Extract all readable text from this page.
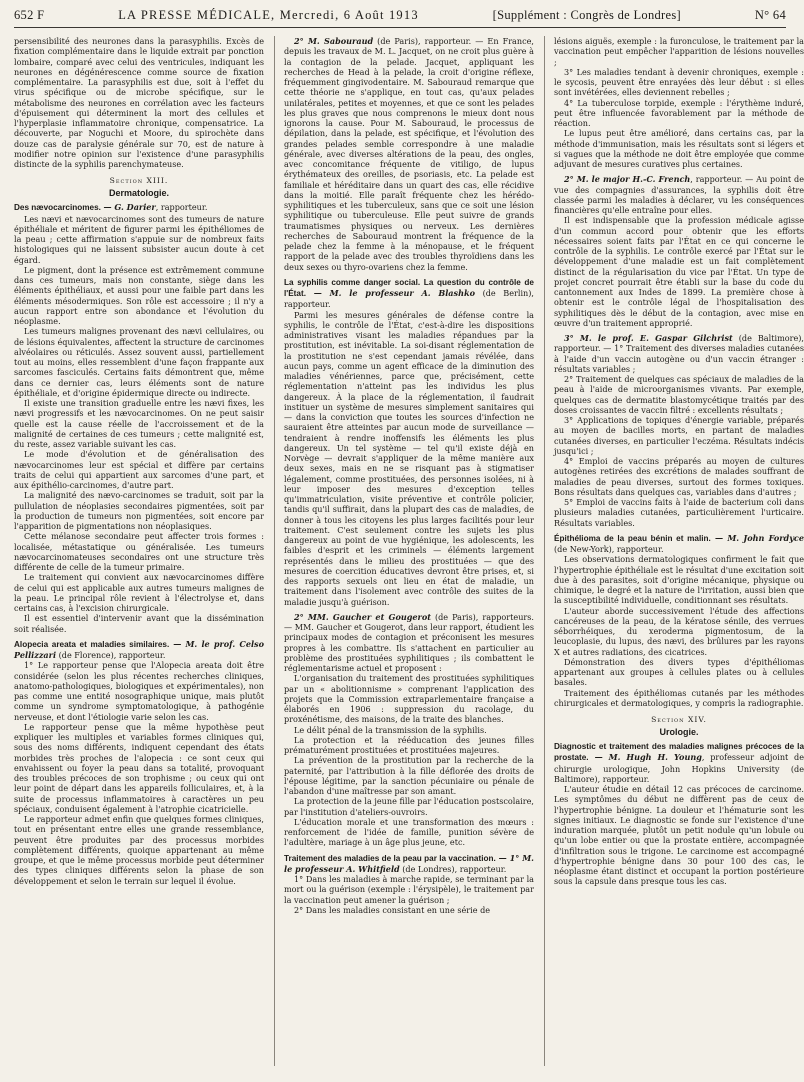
652 F	LA PRESSE MÉDICALE, Mercredi, 6 Août 1913	[Supplément : Congrès de Londres]	N° 64

persensibilité des neurones dans la parasyphilis. Excès de fixation complémentaire dans le liquide extrait par ponction lombaire, comparé avec celui des ventricules, indiquant les neurones en dégénérescence comme source de fixation complémentaire. La parasyphilis est due, soit à l'effet du virus spécifique ou de microbe spécifique, sur le métabolisme des neurones en corrélation avec les facteurs d'épuisement qui déterminent la mort des cellules et l'hyperplasie inflammatoire chronique, compensatrice. La découverte, par Noguchi et Moore, du spirochète dans douze cas de paralysie générale sur 70, est de nature à modifier notre opinion sur l'existence d'une parasyphilis distincte de la syphilis parenchymateuse.

Section XIII.
Dermatologie.

Des nævocarcinomes. — G. Darier, rapporteur.

Les nævi et nævocarcinomes sont des tumeurs de nature épithéliale et méritent de figurer parmi les épithéliomes de la peau ; cette affirmation s'appuie sur de nombreux faits histologiques qui ne laissent subsister aucun doute à cet égard.

Le pigment, dont la présence est extrêmement commune dans ces tumeurs, mais non constante, siège dans les éléments épithéliaux, et aussi pour une faible part dans les éléments mésodermiques. Son rôle est accessoire ; il n'y a aucun rapport entre son abondance et l'évolution du néoplasme.

Les tumeurs malignes provenant des nævi cellulaires, ou de lésions équivalentes, affectent la structure de carcinomes alvéolaires ou réticulés. Assez souvent aussi, partiellement tout au moins, elles ressemblent d'une façon frappante aux sarcomes fasciculés. Certains faits démontrent que, même dans ce dernier cas, leurs éléments sont de nature épithéliale, et d'origine épidermique directe ou indirecte.

Il existe une transition graduelle entre les nævi fixes, les nævi progressifs et les nævocarcinomes. On ne peut saisir quelle est la cause réelle de l'accroissement et de la malignité de certaines de ces tumeurs ; cette malignité est, du reste, assez variable suivant les cas.

Le mode d'évolution et de généralisation des nævocarcinomes leur est spécial et diffère par certains traits de celui qui appartient aux sarcomes d'une part, et aux épithélio-carcinomes, d'autre part.

La malignité des nævo-carcinomes se traduit, soit par la pullulation de néoplasies secondaires pigmentées, soit par la production de tumeurs non pigmentées, soit encore par l'apparition de pigmentations non néoplasiques.

Cette mélanose secondaire peut affecter trois formes : localisée, métastatique ou généralisée. Les tumeurs nævocarcinomateuses secondaires ont une structure très différente de celle de la tumeur primaire.

Le traitement qui convient aux nævocarcinomes diffère de celui qui est applicable aux autres tumeurs malignes de la peau. Le principal rôle revient à l'électrolyse et, dans certains cas, à l'excision chirurgicale.

Il est essentiel d'intervenir avant que la dissémination soit réalisée.

Alopecia areata et maladies similaires. — M. le prof. Celso Pellizzari (de Florence), rapporteur.

1° Le rapporteur pense que l'Alopecia areata doit être considérée (selon les plus récentes recherches cliniques, anatomo-pathologiques, biologiques et expérimentales), non pas comme une entité nosographique unique, mais plutôt comme un syndrome symptomatologique, à pathogénie nerveuse, et dont l'étiologie varie selon les cas.

Le rapporteur pense que la même hypothèse peut expliquer les multiples et variables formes cliniques qui, sous des noms différents, indiquent cependant des états morbides très proches de l'alopecia : ce sont ceux qui envahissent ou foyer la peau dans sa totalité, provoquant des troubles précoces de son trophisme ; ou ceux qui ont leur point de départ dans les appareils folliculaires, et, à la suite de processus inflammatoires à caractères un peu spéciaux, conduisent également à l'atrophie cicatricielle.

Le rapporteur admet enfin que quelques formes cliniques, tout en présentant entre elles une grande ressemblance, peuvent être produites par des processus morbides complètement différents, quoique appartenant au même groupe, et que le même processus morbide peut déterminer des types cliniques différents selon la phase de son développement et selon le terrain sur lequel il évolue.

2° M. Sabouraud (de Paris), rapporteur. — En France, depuis les travaux de M. L. Jacquet, on ne croit plus guère à la contagion de la pelade. Jacquet, appliquant les recherches de Head à la pelade, la croit d'origine réflexe, fréquemment gingivodentaire. M. Sabouraud remarque que cette théorie ne s'applique, en tout cas, qu'aux pelades unilatérales, petites et moyennes, et que ce sont les pelades les plus graves que nous comprenons le mieux dont nous ignorons la cause. Pour M. Sabouraud, le processus de dépilation, dans la pelade, est spécifique, et l'évolution des grandes pelades semble correspondre à une maladie générale, avec diverses altérations de la peau, des ongles, avec concomitance fréquente de vitiligo, de lupus érythémateux des oreilles, de psoriasis, etc. La pelade est familiale et héréditaire dans un quart des cas, elle récidive dans la moitié. Elle paraît fréquente chez les hérédo-syphilitiques et les tuberculeux, sans que ce soit une lésion syphilitique ou tuberculeuse. Elle peut suivre de grands traumatismes physiques ou nerveux. Les dernières recherches de Sabouraud montrent la fréquence de la pelade chez la femme à la ménopause, et le fréquent rapport de la pelade avec des troubles thyroïdiens dans les deux sexes ou thyro-ovariens chez la femme.

La syphilis comme danger social. La question du contrôle de l'État. — M. le professeur A. Blashko (de Berlin), rapporteur.

Parmi les mesures générales de défense contre la syphilis, le contrôle de l'État, c'est-à-dire les dispositions administratives visant les maladies répandues par la prostitution, est inévitable. La soi-disant réglementation de la prostitution ne s'est cependant jamais révélée, dans aucun pays, comme un agent efficace de la diminution des maladies vénériennes, parce que, précisément, cette réglementation n'atteint pas les individus les plus dangereux. À la place de la réglementation, il faudrait instituer un système de mesures simplement sanitaires qui — dans la conviction que toutes les sources d'infection ne sauraient être atteintes par aucun mode de surveillance — tendraient à rendre inoffensifs les éléments les plus dangereux. Un tel système — tel qu'il existe déjà en Norvège — devrait s'appliquer de la même manière aux deux sexes, mais en ne se risquant pas à stigmatiser légalement, comme prostituées, des personnes isolées, ni à leur imposer des mesures d'exception telles qu'immatriculation, visite préventive et contrôle policier, tandis qu'il suffirait, dans la plupart des cas de maladies, de donner à tous les citoyens les plus larges facilités pour leur traitement. C'est seulement contre les sujets les plus dangereux au point de vue hygiénique, les adolescents, les faibles d'esprit et les criminels — éléments largement représentés dans le milieu des prostituées — que des mesures de coercition éducatives devront être prises, et, si des rapports sexuels ont lieu en état de maladie, un traitement dans l'isolement avec contrôle des suites de la maladie jusqu'à guérison.

2° MM. Gaucher et Gougerot (de Paris), rapporteurs. — MM. Gaucher et Gougerot, dans leur rapport, étudient les principaux modes de contagion et préconisent les mesures propres à les combattre. Ils s'attachent en particulier au problème des prostituées syphilitiques ; ils combattent le réglementarisme actuel et proposent :

L'organisation du traitement des prostituées syphilitiques par un « abolitionnisme » comprenant l'application des projets que la Commission extraparlementaire française a élaborés en 1906 : suppression du racolage, du proxénétisme, des maisons, de la traite des blanches.

Le délit pénal de la transmission de la syphilis.

La protection et la rééducation des jeunes filles prématurément prostituées et prostituées majeures.

La prévention de la prostitution par la recherche de la paternité, par l'attribution à la fille déflorée des droits de l'épouse légitime, par la sanction pécuniaire ou pénale de l'abandon d'une maîtresse par son amant.

La protection de la jeune fille par l'éducation postscolaire, par l'institution d'ateliers-ouvroirs.

L'éducation morale et une transformation des mœurs : renforcement de l'idée de famille, punition sévère de l'adultère, mariage à un âge plus jeune, etc.

Traitement des maladies de la peau par la vaccination. — 1° M. le professeur A. Whitfield (de Londres), rapporteur.

1° Dans les maladies à marche rapide, se terminant par la mort ou la guérison (exemple : l'érysipèle), le traitement par la vaccination peut amener la guérison ;

2° Dans les maladies consistant en une série de

lésions aiguës, exemple : la furonculose, le traitement par la vaccination peut empêcher l'apparition de lésions nouvelles ;

3° Les maladies tendant à devenir chroniques, exemple : le sycosis, peuvent être enrayées dès leur début : si elles sont invétérées, elles deviennent rebelles ;

4° La tuberculose torpide, exemple : l'érythème induré, peut être influencée favorablement par la méthode de réaction.

Le lupus peut être amélioré, dans certains cas, par la méthode d'immunisation, mais les résultats sont si légers et si vagues que la méthode ne doit être employée que comme adjuvant de mesures curatives plus certaines.

2° M. le major H.-C. French, rapporteur. — Au point de vue des compagnies d'assurances, la syphilis doit être classée parmi les maladies à déclarer, vu les conséquences financières qu'elle entraîne pour elles.

Il est indispensable que la profession médicale agisse d'un commun accord pour obtenir que les efforts nécessaires soient faits par l'État en ce qui concerne le contrôle de la syphilis. Le contrôle exercé par l'État sur le développement d'une maladie est un fait complètement distinct de la régularisation du vice par l'État. Un type de projet concret pourrait être établi sur la base du code du cantonnement aux Indes de 1899. La première chose à obtenir est le contrôle légal de l'hospitalisation des syphilitiques dès le début de la contagion, avec mise en œuvre d'un traitement approprié.

3° M. le prof. E. Gaspar Gilchrist (de Baltimore), rapporteur. — 1° Traitement des diverses maladies cutanées à l'aide d'un vaccin autogène ou d'un vaccin étranger : résultats variables ;

2° Traitement de quelques cas spéciaux de maladies de la peau à l'aide de microorganismes vivants. Par exemple, quelques cas de dermatite blastomycétique traités par des doses croissantes de vaccin filtré : excellents résultats ;

3° Applications de topiques d'énergie variable, préparés au moyen de bacilles morts, en partant de maladies cutanées diverses, en particulier l'eczéma. Résultats indécis jusqu'ici ;

4° Emploi de vaccins préparés au moyen de cultures autogènes retirées des excrétions de malades souffrant de maladies de peau diverses, surtout des formes toxiques. Bons résultats dans quelques cas, variables dans d'autres ;

5° Emploi de vaccins faits à l'aide de bacterium coli dans plusieurs maladies cutanées, particulièrement l'urticaire. Résultats variables.

Épithélioma de la peau bénin et malin. — M. John Fordyce (de New-York), rapporteur.

Les observations dermatologiques confirment le fait que l'hypertrophie épithéliale est le résultat d'une excitation soit due à des parasites, soit d'origine mécanique, physique ou chimique, le degré et la nature de l'irritation, aussi bien que la susceptibilité individuelle, conditionnant ses résultats.

L'auteur aborde successivement l'étude des affections cancéreuses de la peau, de la kératose sénile, des verrues séborrhéiques, du xeroderma pigmentosum, de la leucoplasie, du lupus, des nævi, des brûlures par les rayons X et autres radiations, des cicatrices.

Démonstration des divers types d'épithéliomas appartenant aux groupes à cellules plates ou à cellules basales.

Traitement des épithéliomas cutanés par les méthodes chirurgicales et dermatologiques, y compris la radiographie.

Section XIV.
Urologie.

Diagnostic et traitement des maladies malignes précoces de la prostate. — M. Hugh H. Young, professeur adjoint de chirurgie urologique, John Hopkins University (de Baltimore), rapporteur.

L'auteur étudie en détail 12 cas précoces de carcinome. Les symptômes du début ne diffèrent pas de ceux de l'hypertrophie bénigne. La douleur et l'hématurie sont les signes initiaux. Le diagnostic se fonde sur l'existence d'une induration marquée, plutôt un petit nodule qu'un lobule ou qu'un lobe entier ou que la prostate entière, accompagnée d'infiltration sous le trigone. Le carcinome est accompagné d'hypertrophie bénigne dans 30 pour 100 des cas, le néoplasme étant distinct et occupant la portion postérieure sous la capsule dans presque tous les cas.
